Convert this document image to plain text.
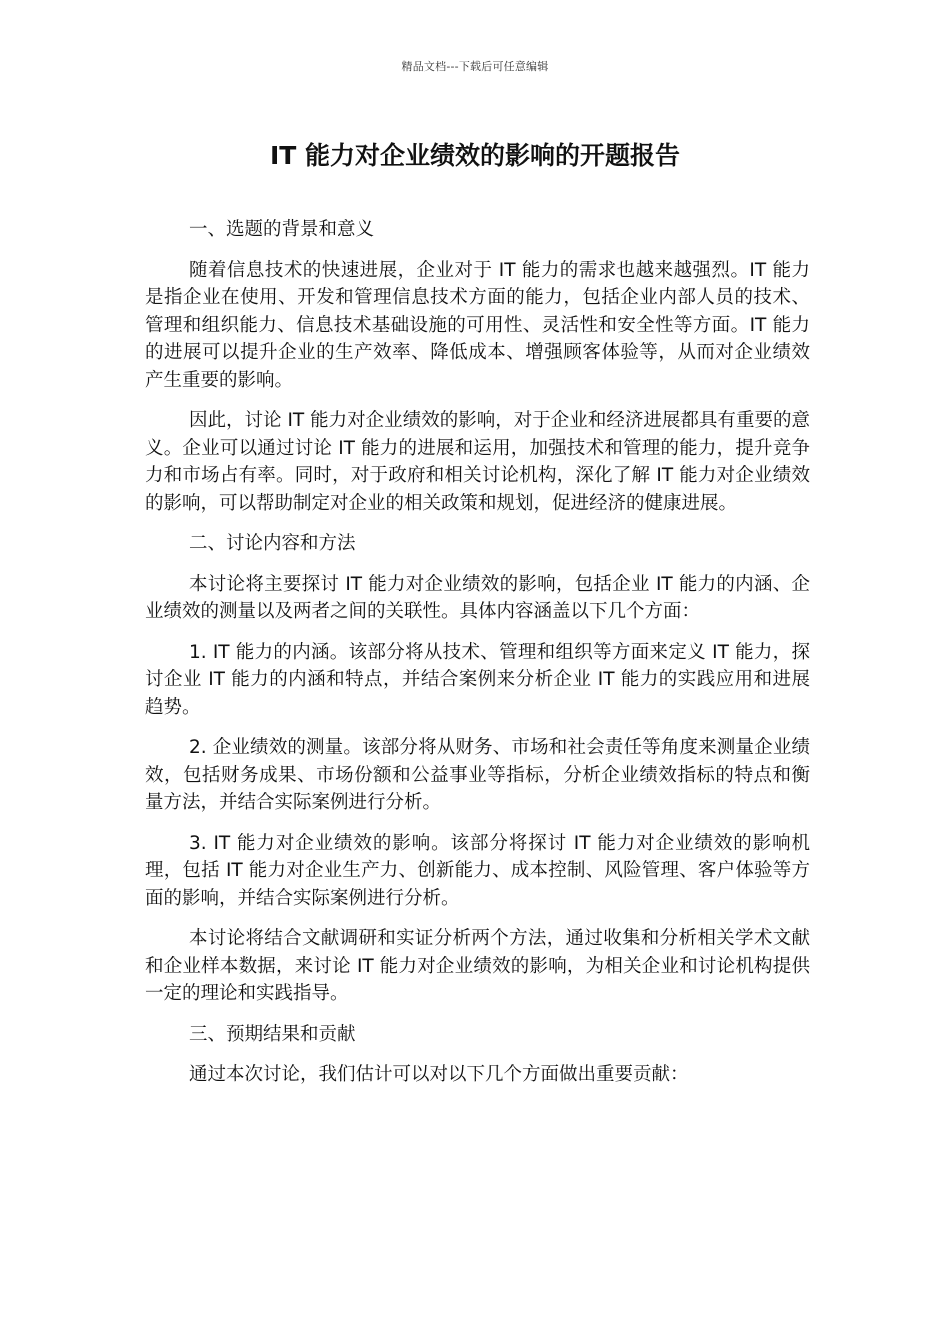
精品文档---下载后可任意编辑
IT 能力对企业绩效的影响的开题报告

一、选题的背景和意义

随着信息技术的快速进展，企业对于 IT 能力的需求也越来越强烈。IT 能力是指企业在使用、开发和管理信息技术方面的能力，包括企业内部人员的技术、管理和组织能力、信息技术基础设施的可用性、灵活性和安全性等方面。IT 能力的进展可以提升企业的生产效率、降低成本、增强顾客体验等，从而对企业绩效产生重要的影响。

因此，讨论 IT 能力对企业绩效的影响，对于企业和经济进展都具有重要的意义。企业可以通过讨论 IT 能力的进展和运用，加强技术和管理的能力，提升竞争力和市场占有率。同时，对于政府和相关讨论机构，深化了解 IT 能力对企业绩效的影响，可以帮助制定对企业的相关政策和规划，促进经济的健康进展。

二、讨论内容和方法

本讨论将主要探讨 IT 能力对企业绩效的影响，包括企业 IT 能力的内涵、企业绩效的测量以及两者之间的关联性。具体内容涵盖以下几个方面：

1. IT 能力的内涵。该部分将从技术、管理和组织等方面来定义 IT 能力，探讨企业 IT 能力的内涵和特点，并结合案例来分析企业 IT 能力的实践应用和进展趋势。

2. 企业绩效的测量。该部分将从财务、市场和社会责任等角度来测量企业绩效，包括财务成果、市场份额和公益事业等指标，分析企业绩效指标的特点和衡量方法，并结合实际案例进行分析。

3. IT 能力对企业绩效的影响。该部分将探讨 IT 能力对企业绩效的影响机理，包括 IT 能力对企业生产力、创新能力、成本控制、风险管理、客户体验等方面的影响，并结合实际案例进行分析。

本讨论将结合文献调研和实证分析两个方法，通过收集和分析相关学术文献和企业样本数据，来讨论 IT 能力对企业绩效的影响，为相关企业和讨论机构提供一定的理论和实践指导。

三、预期结果和贡献

通过本次讨论，我们估计可以对以下几个方面做出重要贡献：
